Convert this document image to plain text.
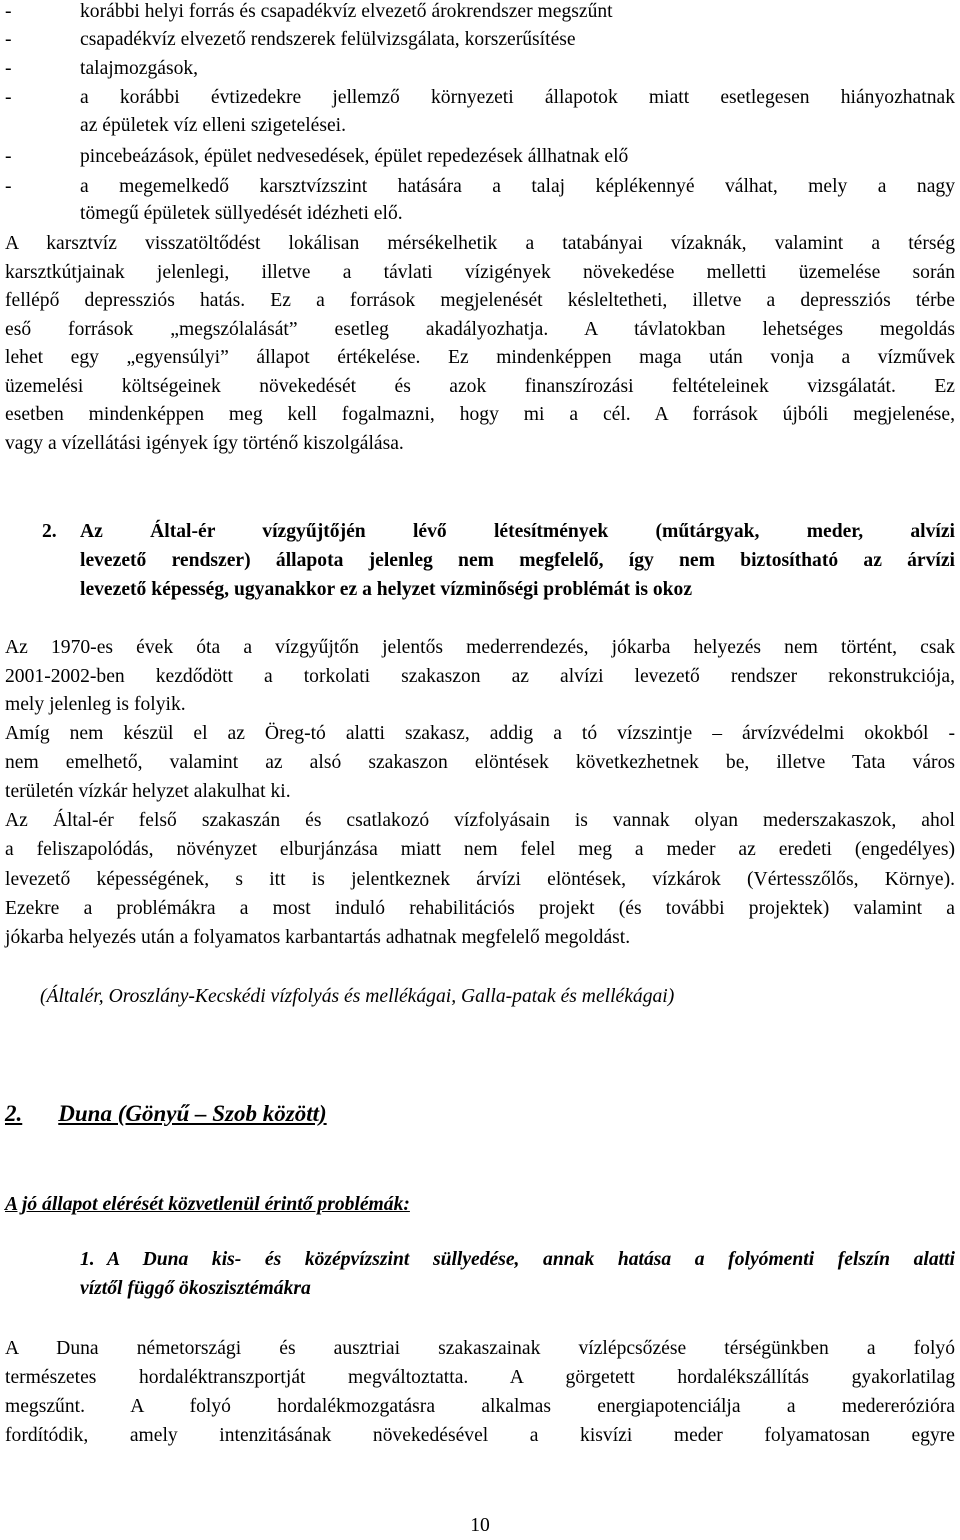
-	korábbi helyi forrás és csapadékvíz elvezető árokrendszer megszűnt
-	csapadékvíz elvezető rendszerek felülvizsgálata, korszerűsítése
-	talajmozgások,
-	a korábbi évtizedekre jellemző környezeti állapotok miatt esetlegesen hiányozhatnak
az épületek víz elleni szigetelései.
-	pincebeázások, épület nedvesedések, épület repedezések állhatnak elő
-	a megemelkedő karsztvízszint hatására a talaj képlékennyé válhat, mely a nagy
tömegű épületek süllyedését idézheti elő.
A karsztvíz visszatöltődést lokálisan mérsékelhetik a tatabányai vízaknák, valamint a térség
karsztkútjainak jelenlegi, illetve a távlati vízigények növekedése melletti üzemelése során
fellépő depressziós hatás. Ez a források megjelenését késleltetheti, illetve a depressziós térbe
eső források „megszólalását” esetleg akadályozhatja. A távlatokban lehetséges megoldás
lehet egy „egyensúlyi” állapot értékelése. Ez mindenképpen maga után vonja a vízművek
üzemelési költségeinek növekedését és azok finanszírozási feltételeinek vizsgálatát. Ez
esetben mindenképpen meg kell fogalmazni, hogy mi a cél. A források újbóli megjelenése,
vagy a vízellátási igények így történő kiszolgálása.
2. Az Által-ér vízgyűjtőjén lévő létesítmények (műtárgyak, meder, alvízi
levezető rendszer) állapota jelenleg nem megfelelő, így nem biztosítható az árvízi
levezető képesség, ugyanakkor ez a helyzet vízminőségi problémát is okoz
Az 1970-es évek óta a vízgyűjtőn jelentős mederrendezés, jókarba helyezés nem történt, csak
2001-2002-ben kezdődött a torkolati szakaszon az alvízi levezető rendszer rekonstrukciója,
mely jelenleg is folyik.
Amíg nem készül el az Öreg-tó alatti szakasz, addig a tó vízszintje – árvízvédelmi okokból -
nem emelhető, valamint az alsó szakaszon elöntések következhetnek be, illetve Tata város
területén vízkár helyzet alakulhat ki.
Az Által-ér felső szakaszán és csatlakozó vízfolyásain is vannak olyan mederszakaszok, ahol
a feliszapolódás, növényzet elburjánzása miatt nem felel meg a meder az eredeti (engedélyes)
levezető képességének, s itt is jelentkeznek árvízi elöntések, vízkárok (Vértesszőlős, Környe).
Ezekre a problémákra a most induló rehabilitációs projekt (és további projektek) valamint a
jókarba helyezés után a folyamatos karbantartás adhatnak megfelelő megoldást.
(Általér, Oroszlány-Kecskédi vízfolyás és mellékágai, Galla-patak és mellékágai)
2. Duna (Gönyű – Szob között)
A jó állapot elérését közvetlenül érintő problémák:
1. A Duna kis- és középvízszint süllyedése, annak hatása a folyómenti felszín alatti
víztől függő ökoszisztémákra
A Duna németországi és ausztriai szakaszainak vízlépcsőzése térségünkben a folyó
természetes hordaléktranszportját megváltoztatta. A görgetett hordalékszállítás gyakorlatilag
megszűnt. A folyó hordalékmozgatásra alkalmas energiapotenciálja a medererózióra
fordítódik, amely intenzitásának növekedésével a kisvízi meder folyamatosan egyre
10
